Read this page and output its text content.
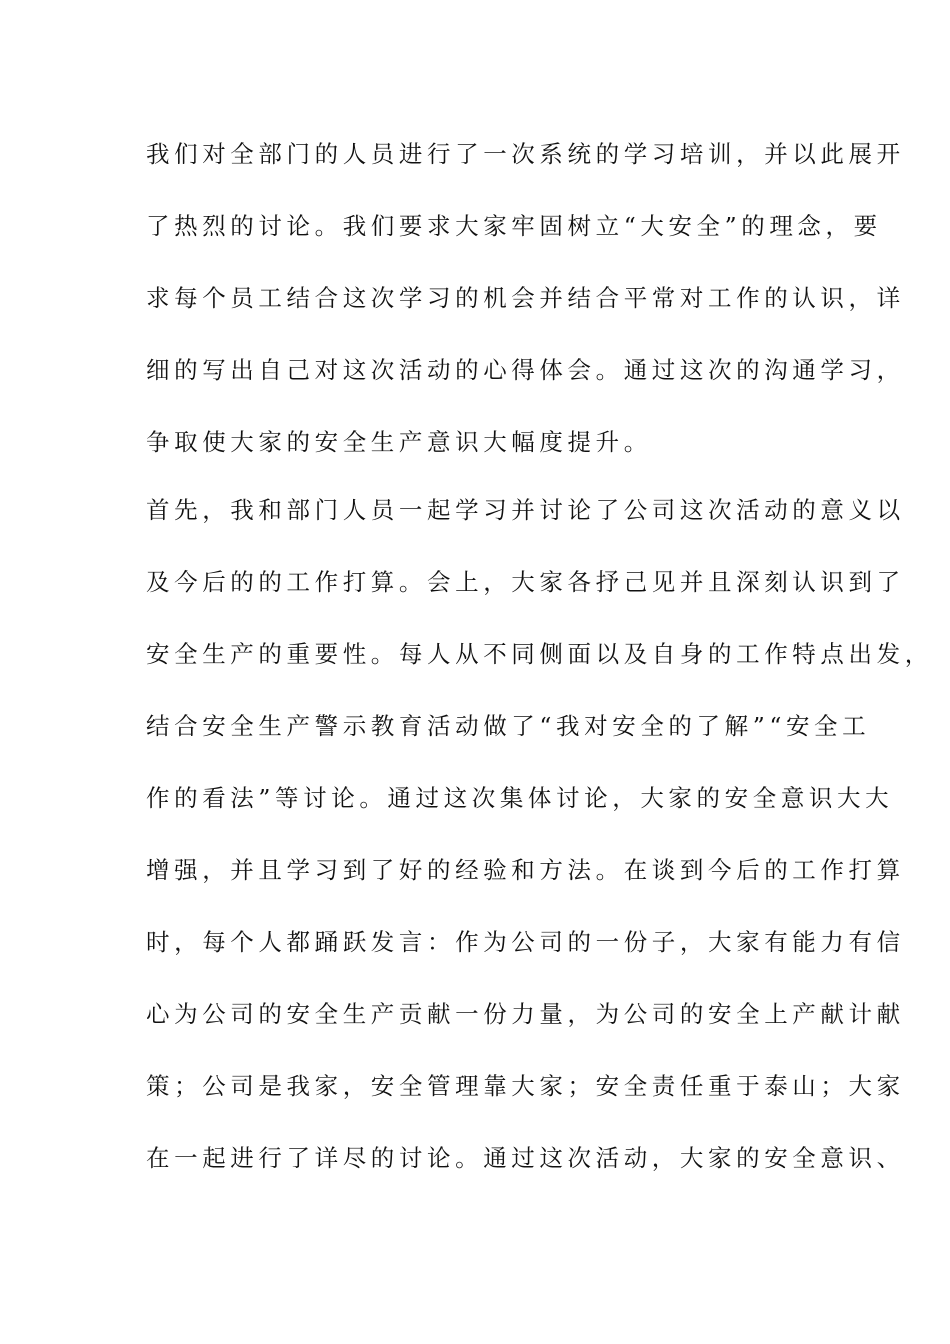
我们对全部门的人员进行了一次系统的学习培训，并以此展开
了热烈的讨论。我们要求大家牢固树立“大安全”的理念，要
求每个员工结合这次学习的机会并结合平常对工作的认识，详
细的写出自己对这次活动的心得体会。通过这次的沟通学习，
争取使大家的安全生产意识大幅度提升。
首先，我和部门人员一起学习并讨论了公司这次活动的意义以
及今后的的工作打算。会上，大家各抒己见并且深刻认识到了
安全生产的重要性。每人从不同侧面以及自身的工作特点出发，
结合安全生产警示教育活动做了“我对安全的了解”“安全工
作的看法”等讨论。通过这次集体讨论，大家的安全意识大大
增强，并且学习到了好的经验和方法。在谈到今后的工作打算
时，每个人都踊跃发言：作为公司的一份子，大家有能力有信
心为公司的安全生产贡献一份力量，为公司的安全上产献计献
策；公司是我家，安全管理靠大家；安全责任重于泰山；大家
在一起进行了详尽的讨论。通过这次活动，大家的安全意识、
